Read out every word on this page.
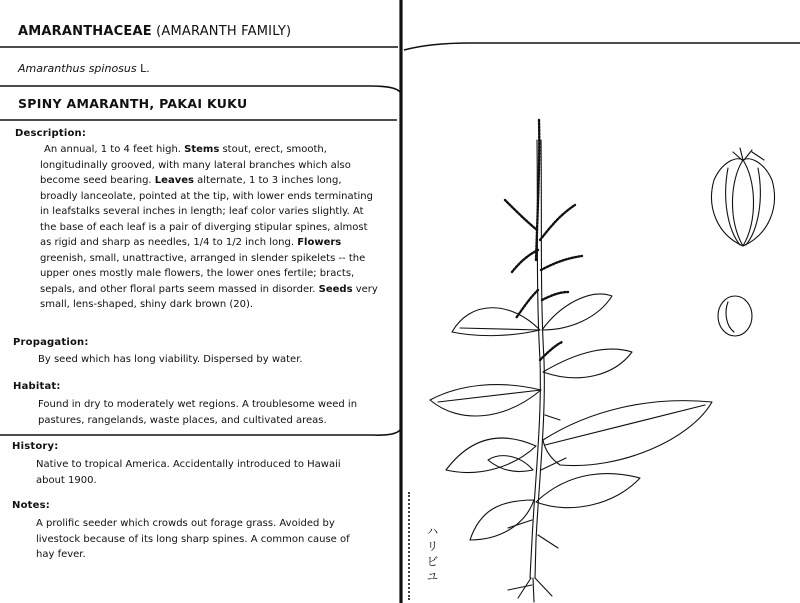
AMARANTHACEAE (AMARANTH FAMILY)
Amaranthus spinosus L.
SPINY AMARANTH, PAKAI KUKU
Description:
An annual, 1 to 4 feet high. Stems stout, erect, smooth, longitudinally grooved, with many lateral branches which also become seed bearing. Leaves alternate, 1 to 3 inches long, broadly lanceolate, pointed at the tip, with lower ends terminating in leafstalks several inches in length; leaf color varies slightly. At the base of each leaf is a pair of diverging stipular spines, almost as rigid and sharp as needles, 1/4 to 1/2 inch long. Flowers greenish, small, unattractive, arranged in slender spikelets -- the upper ones mostly male flowers, the lower ones fertile; bracts, sepals, and other floral parts seem massed in disorder. Seeds very small, lens-shaped, shiny dark brown (20).
Propagation:
By seed which has long viability. Dispersed by water.
Habitat:
Found in dry to moderately wet regions. A troublesome weed in pastures, rangelands, waste places, and cultivated areas.
History:
Native to tropical America. Accidentally introduced to Hawaii about 1900.
Notes:
A prolific seeder which crowds out forage grass. Avoided by livestock because of its long sharp spines. A common cause of hay fever.	ハリビユ
